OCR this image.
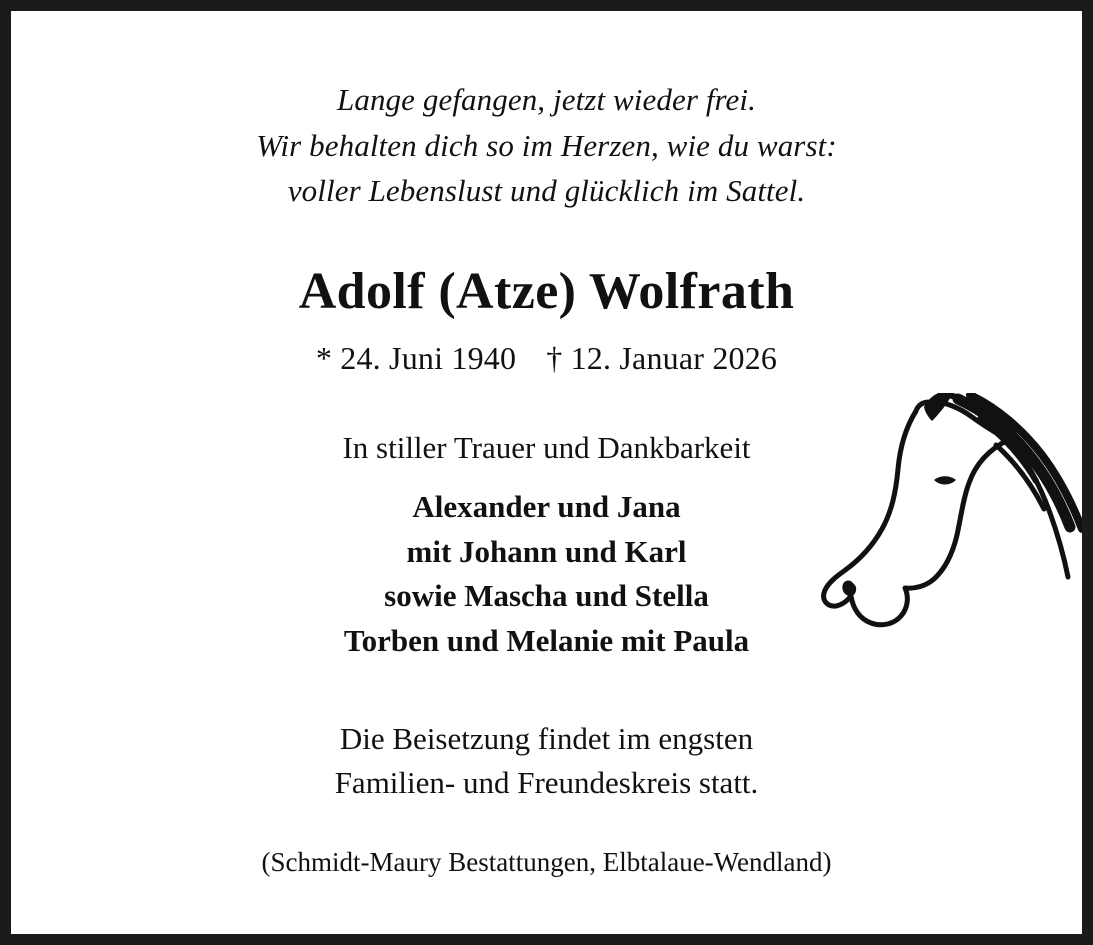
Lange gefangen, jetzt wieder frei.
Wir behalten dich so im Herzen, wie du warst:
voller Lebenslust und glücklich im Sattel.
Adolf (Atze) Wolfrath
* 24. Juni 1940 † 12. Januar 2026
In stiller Trauer und Dankbarkeit
Alexander und Jana
mit Johann und Karl
sowie Mascha und Stella
Torben und Melanie mit Paula
Die Beisetzung findet im engsten
Familien- und Freundeskreis statt.
(Schmidt-Maury Bestattungen, Elbtalaue-Wendland)
